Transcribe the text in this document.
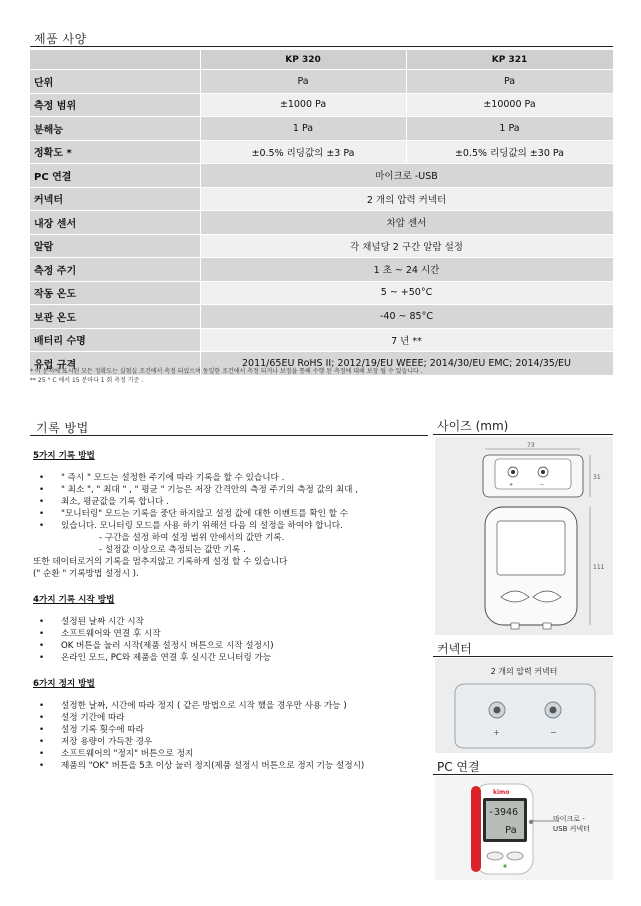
제품 사양
	KP 320	KP 321
단위	Pa	Pa
측정 범위	±1000 Pa	±10000 Pa
분해능	1 Pa	1 Pa
정확도 *	±0.5% 리딩값의 ±3 Pa	±0.5% 리딩값의 ±30 Pa
PC 연결	마이크로 -USB	
커넥터	2 개의 압력 커넥터	
내장 센서	차압 센서	
알람	각 채널당 2 구간 알람 설정	
측정 주기	1 초 ~ 24 시간	
작동 온도	5 ~ +50°C	
보관 온도	-40 ~ 85°C	
배터리 수명	7 년 **	
유럽 규격	2011/65EU RoHS II; 2012/19/EU WEEE; 2014/30/EU EMC; 2014/35/EU	
* 이 문서에 표시된 모든 정확도는 실험실 조건에서 측정 되었으며 동일한 조건에서 측정 되거나 보정을 통해 수행 된 측정에 대해 보장 될 수 있습니다 .
** 25 ° C 에서 15 분마다 1 회 측정 기준 .
기록 방법
5가지 기록 방법
• " 즉시 " 모드는 설정한 주기에 따라 기록을 할 수 있습니다 .
• " 최소 ", " 최대 " , " 평균 " 기능은 저장 간격안의 측정 주기의 측정 값의 최대 ,
• 최소, 평균값을 기록 합니다 .
• "모니터링" 모드는 기록을 중단 하지않고 설정 값에 대한 이벤트를 확인 할 수
• 있습니다. 모니터링 모드를 사용 하기 위해선 다음 의 설정을 하여야 합니다.
- 구간을 설정 하여 설정 범위 안에서의 값만 기록.
- 설정값 이상으로 측정되는 값만 기록 .
또한 데이터로거의 기록을 멈추지않고 기록하게 설정 할 수 있습니다
(" 순환 " 기록방법 설정시 ).
4가지 기록 시작 방법
• 설정된 날짜 시간 시작
• 소프트웨어와 연결 후 시작
• OK 버튼을 눌러 시작(제품 설정시 버튼으로 시작 설정시)
• 온라인 모드, PC와 제품을 연결 후 실시간 모니터링 가능
6가지 정지 방법
• 설정한 날짜, 시간에 따라 정지 ( 같은 방법으로 시작 했을 경우만 사용 가능 )
• 설정 기간에 따라
• 설정 기록 횟수에 따라
• 저장 용량이 가득찬 경우
• 소프트웨어의 "정지" 버튼으로 정지
• 제품의 "OK" 버튼을 5초 이상 눌러 정지(제품 설정시 버튼으로 정지 기능 설정시)
사이즈 (mm)
73
+	−
31
111
커넥터
2 개의 압력 커넥터
+	−
PC 연결
kimo
-3946
Pa
마이크로 -
USB 커넥터
